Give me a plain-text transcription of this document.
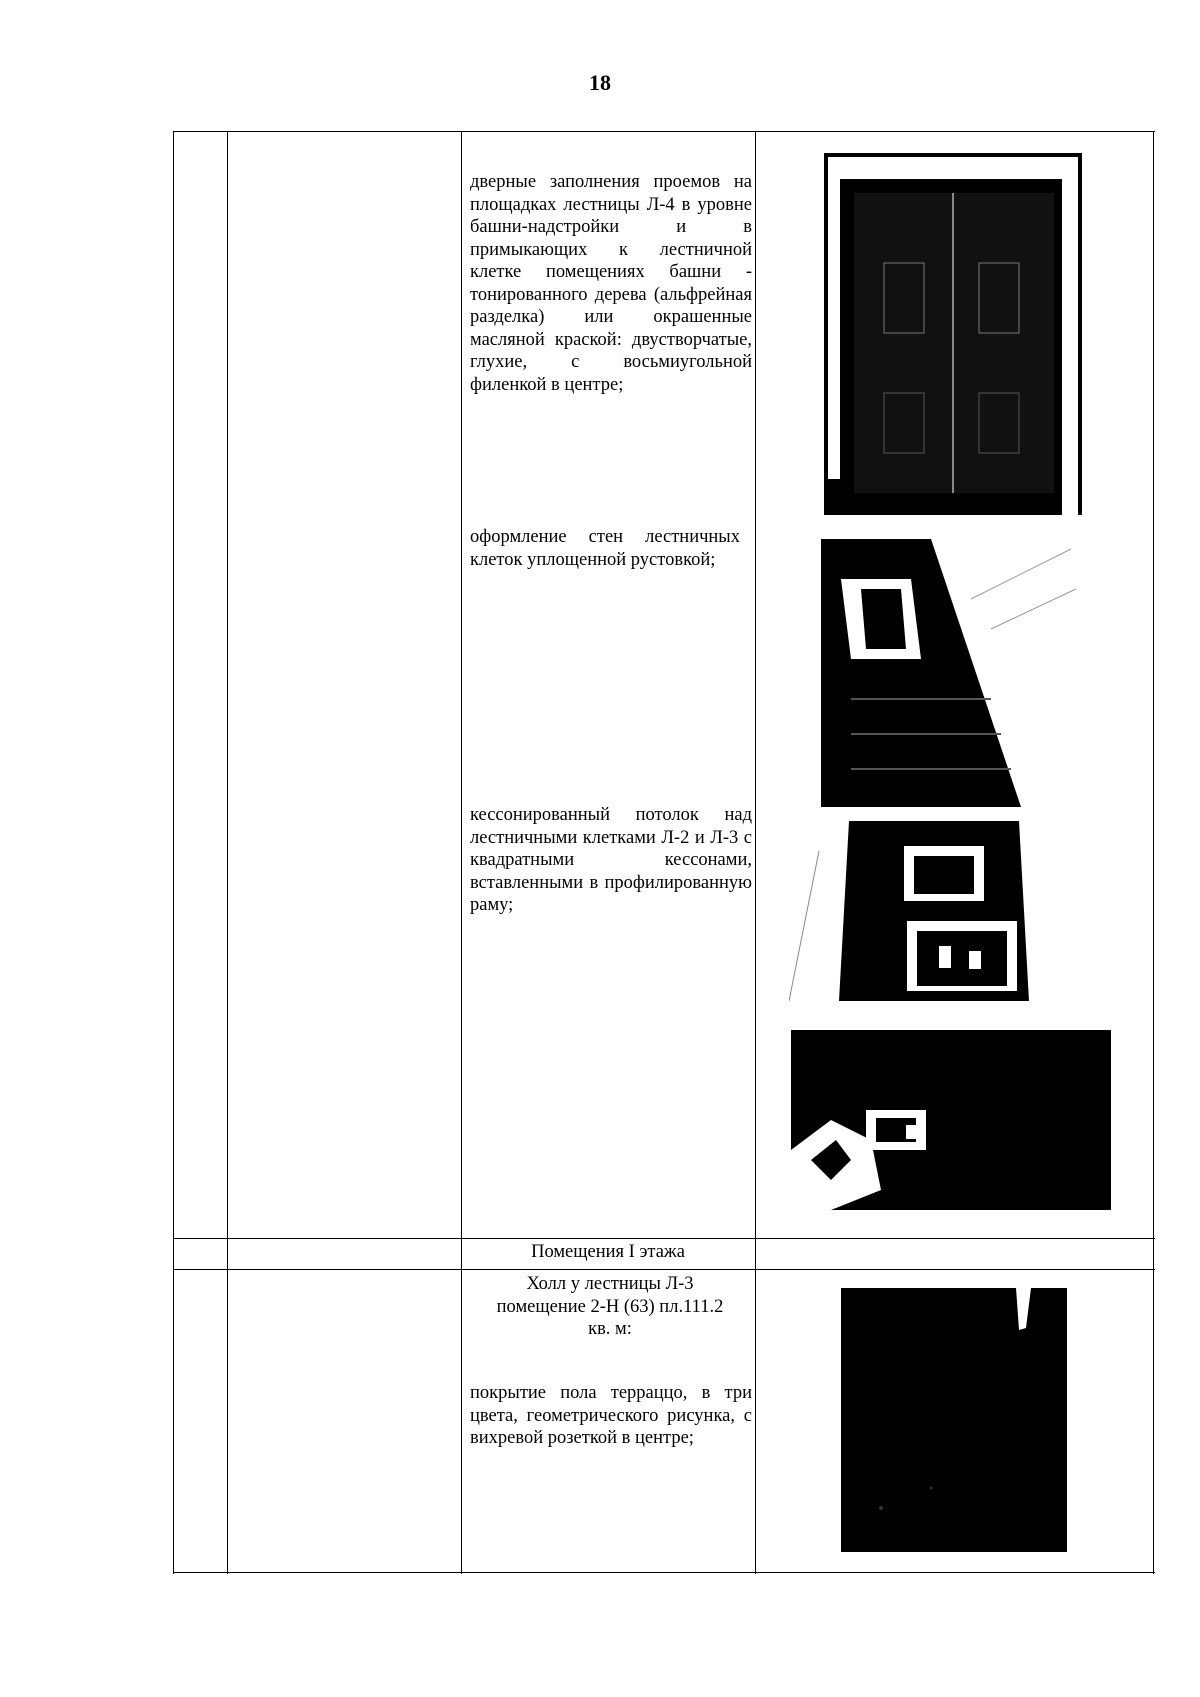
18
дверные заполнения проемов на площадках лестницы Л-4 в уровне башни-надстройки и в примыкающих к лестничной клетке помещениях башни - тонированного дерева (альфрейная разделка) или окрашенные масляной краской: двустворчатые, глухие, с восьмиугольной филенкой в центре;
оформление стен лестничных клеток уплощенной рустовкой;
кессонированный потолок над лестничными клетками Л-2 и Л-3 с квадратными кессонами, вставленными в профилированную раму;
Помещения I этажа
Холл у лестницы Л-3 помещение 2-Н (63) пл.111.2 кв. м:
покрытие пола терраццо, в три цвета, геометрического рисунка, с вихревой розеткой в центре;
